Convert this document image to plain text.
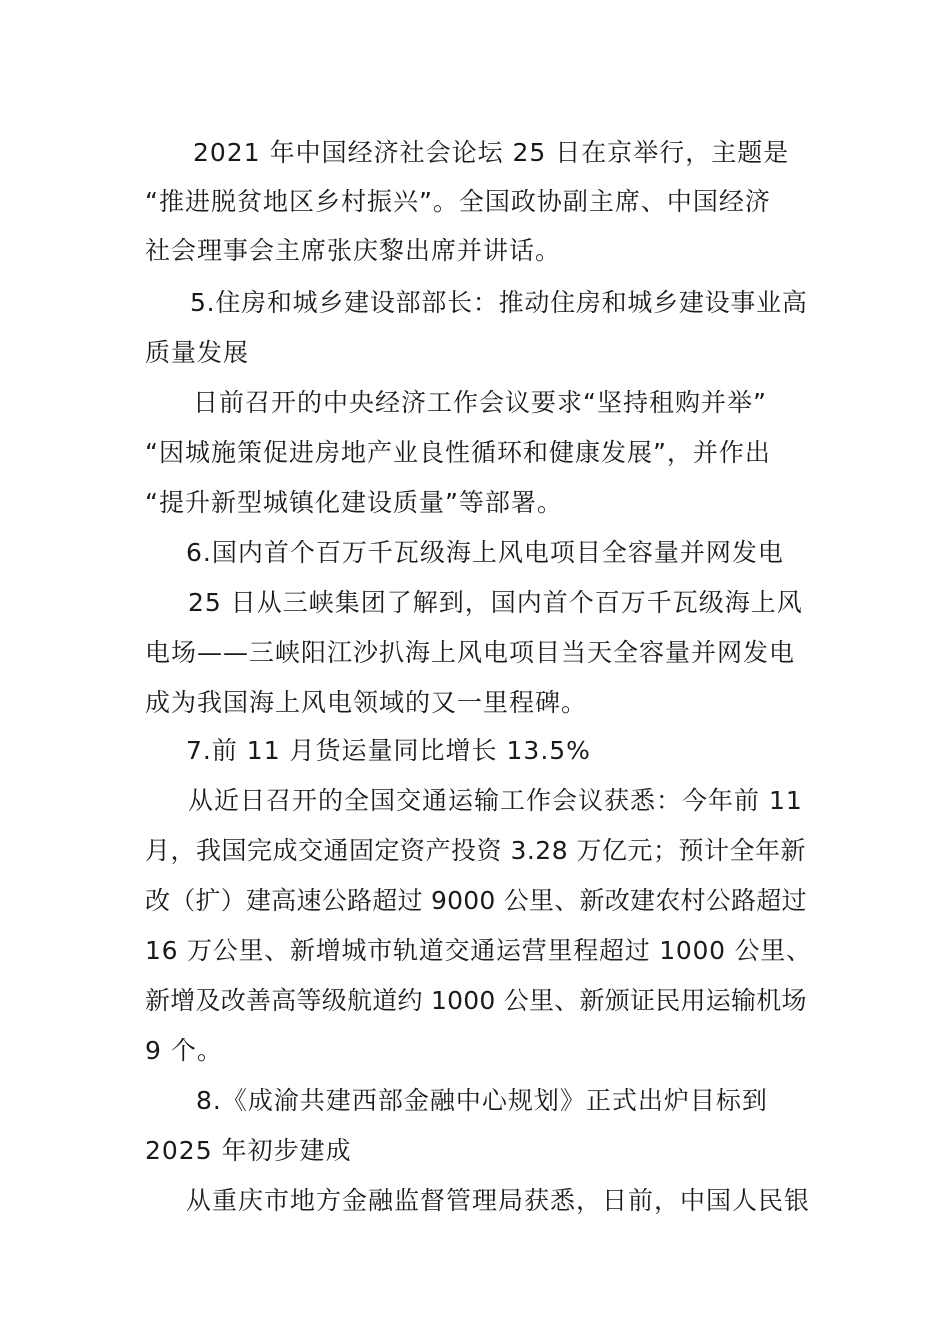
2021 年中国经济社会论坛 25 日在京举行，主题是
“推进脱贫地区乡村振兴”。全国政协副主席、中国经济
社会理事会主席张庆黎出席并讲话。
5.住房和城乡建设部部长：推动住房和城乡建设事业高
质量发展
日前召开的中央经济工作会议要求“坚持租购并举”
“因城施策促进房地产业良性循环和健康发展”，并作出
“提升新型城镇化建设质量”等部署。
6.国内首个百万千瓦级海上风电项目全容量并网发电
25 日从三峡集团了解到，国内首个百万千瓦级海上风
电场——三峡阳江沙扒海上风电项目当天全容量并网发电
成为我国海上风电领域的又一里程碑。
7.前 11 月货运量同比增长 13.5%
从近日召开的全国交通运输工作会议获悉：今年前 11
月，我国完成交通固定资产投资 3.28 万亿元；预计全年新
改（扩）建高速公路超过 9000 公里、新改建农村公路超过
16 万公里、新增城市轨道交通运营里程超过 1000 公里、
新增及改善高等级航道约 1000 公里、新颁证民用运输机场
9 个。
8.《成渝共建西部金融中心规划》正式出炉目标到
2025 年初步建成
从重庆市地方金融监督管理局获悉，日前，中国人民银
